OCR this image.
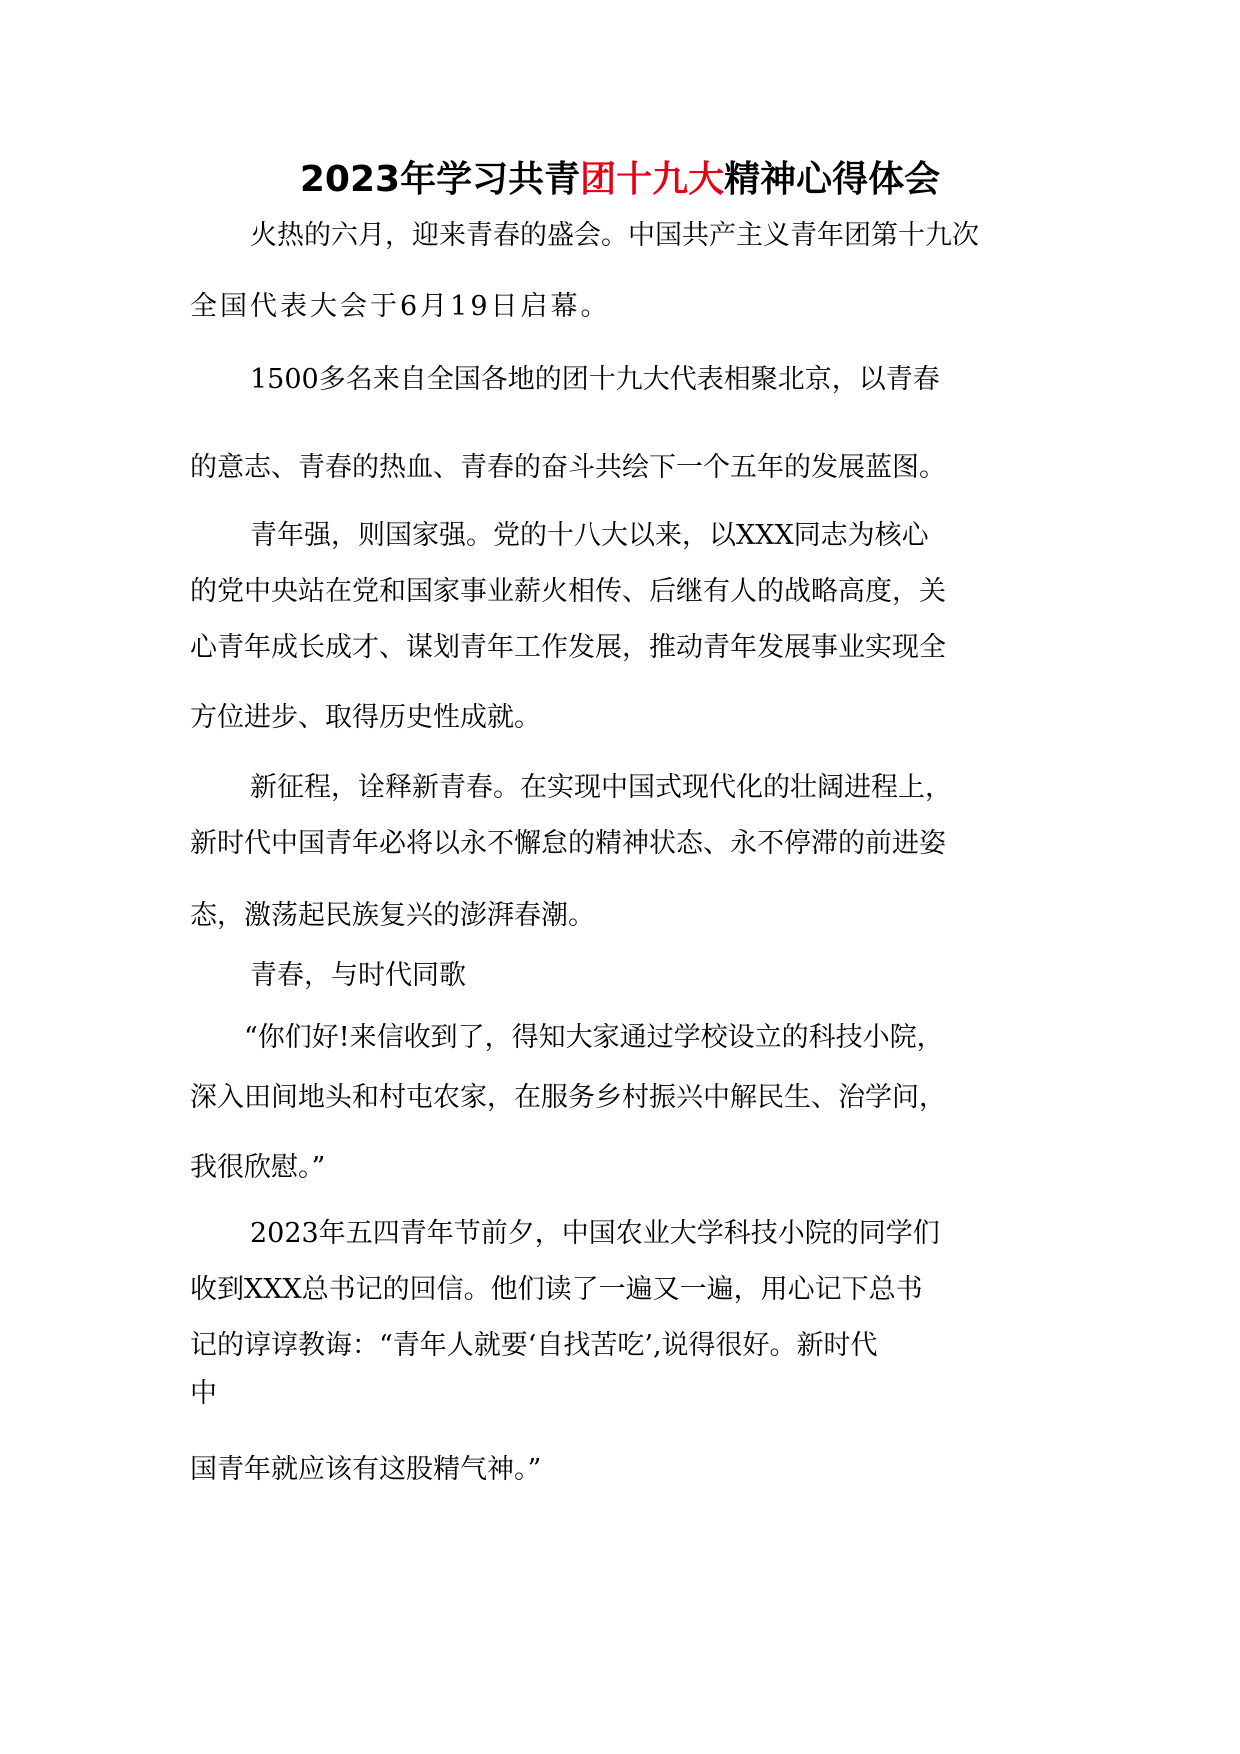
2023年学习共青团十九大精神心得体会
火热的六月，迎来青春的盛会。中国共产主义青年团第十九次
全国代表大会于6月19日启幕。
1500多名来自全国各地的团十九大代表相聚北京，以青春
的意志、青春的热血、青春的奋斗共绘下一个五年的发展蓝图。
青年强，则国家强。党的十八大以来，以XXX同志为核心
的党中央站在党和国家事业薪火相传、后继有人的战略高度，关
心青年成长成才、谋划青年工作发展，推动青年发展事业实现全
方位进步、取得历史性成就。
新征程，诠释新青春。在实现中国式现代化的壮阔进程上，
新时代中国青年必将以永不懈怠的精神状态、永不停滞的前进姿
态，激荡起民族复兴的澎湃春潮。
青春，与时代同歌
“你们好!来信收到了，得知大家通过学校设立的科技小院，
深入田间地头和村屯农家，在服务乡村振兴中解民生、治学问，
我很欣慰。”
2023年五四青年节前夕，中国农业大学科技小院的同学们
收到XXX总书记的回信。他们读了一遍又一遍，用心记下总书
记的谆谆教诲：“青年人就要‘自找苦吃’,说得很好。新时代
中
国青年就应该有这股精气神。”
